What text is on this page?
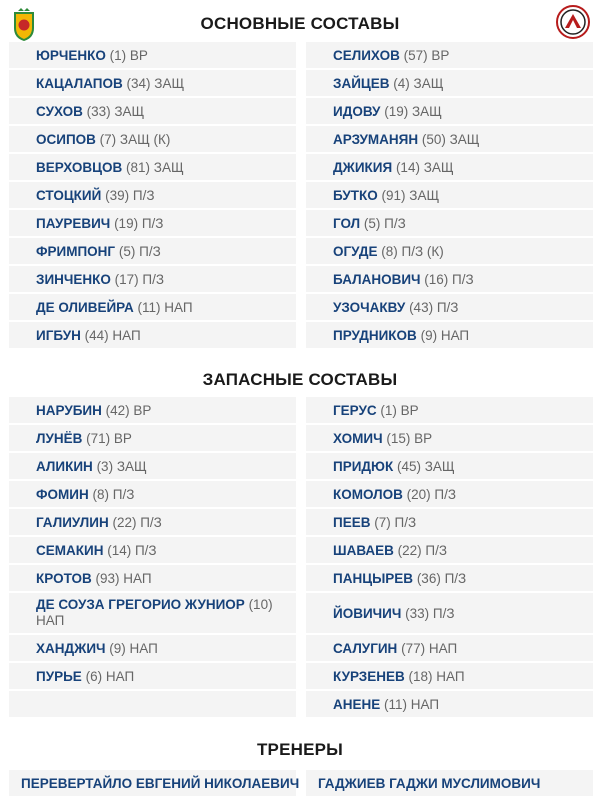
ОСНОВНЫЕ СОСТАВЫ
ЗАПАСНЫЕ СОСТАВЫ
ТРЕНЕРЫ
ЮРЧЕНКО (1) ВР
КАЦАЛАПОВ (34) ЗАЩ
СУХОВ (33) ЗАЩ
ОСИПОВ (7) ЗАЩ (К)
ВЕРХОВЦОВ (81) ЗАЩ
СТОЦКИЙ (39) П/З
ПАУРЕВИЧ (19) П/З
ФРИМПОНГ (5) П/З
ЗИНЧЕНКО (17) П/З
ДЕ ОЛИВЕЙРА (11) НАП
ИГБУН (44) НАП
СЕЛИХОВ (57) ВР
ЗАЙЦЕВ (4) ЗАЩ
ИДОВУ (19) ЗАЩ
АРЗУМАНЯН (50) ЗАЩ
ДЖИКИЯ (14) ЗАЩ
БУТКО (91) ЗАЩ
ГОЛ (5) П/З
ОГУДЕ (8) П/З (К)
БАЛАНОВИЧ (16) П/З
УЗОЧАКВУ (43) П/З
ПРУДНИКОВ (9) НАП
НАРУБИН (42) ВР
ЛУНЁВ (71) ВР
АЛИКИН (3) ЗАЩ
ФОМИН (8) П/З
ГАЛИУЛИН (22) П/З
СЕМАКИН (14) П/З
КРОТОВ (93) НАП
ДЕ СОУЗА ГРЕГОРИО ЖУНИОР (10)
НАП
ХАНДЖИЧ (9) НАП
ПУРЬЕ (6) НАП
ГЕРУС (1) ВР
ХОМИЧ (15) ВР
ПРИДЮК (45) ЗАЩ
КОМОЛОВ (20) П/З
ПЕЕВ (7) П/З
ШАВАЕВ (22) П/З
ПАНЦЫРЕВ (36) П/З
ЙОВИЧИЧ (33) П/З
САЛУГИН (77) НАП
КУРЗЕНЕВ (18) НАП
АНЕНЕ (11) НАП
ПЕРЕВЕРТАЙЛО ЕВГЕНИЙ НИКОЛАЕВИЧ ГАДЖИЕВ ГАДЖИ МУСЛИМОВИЧ
